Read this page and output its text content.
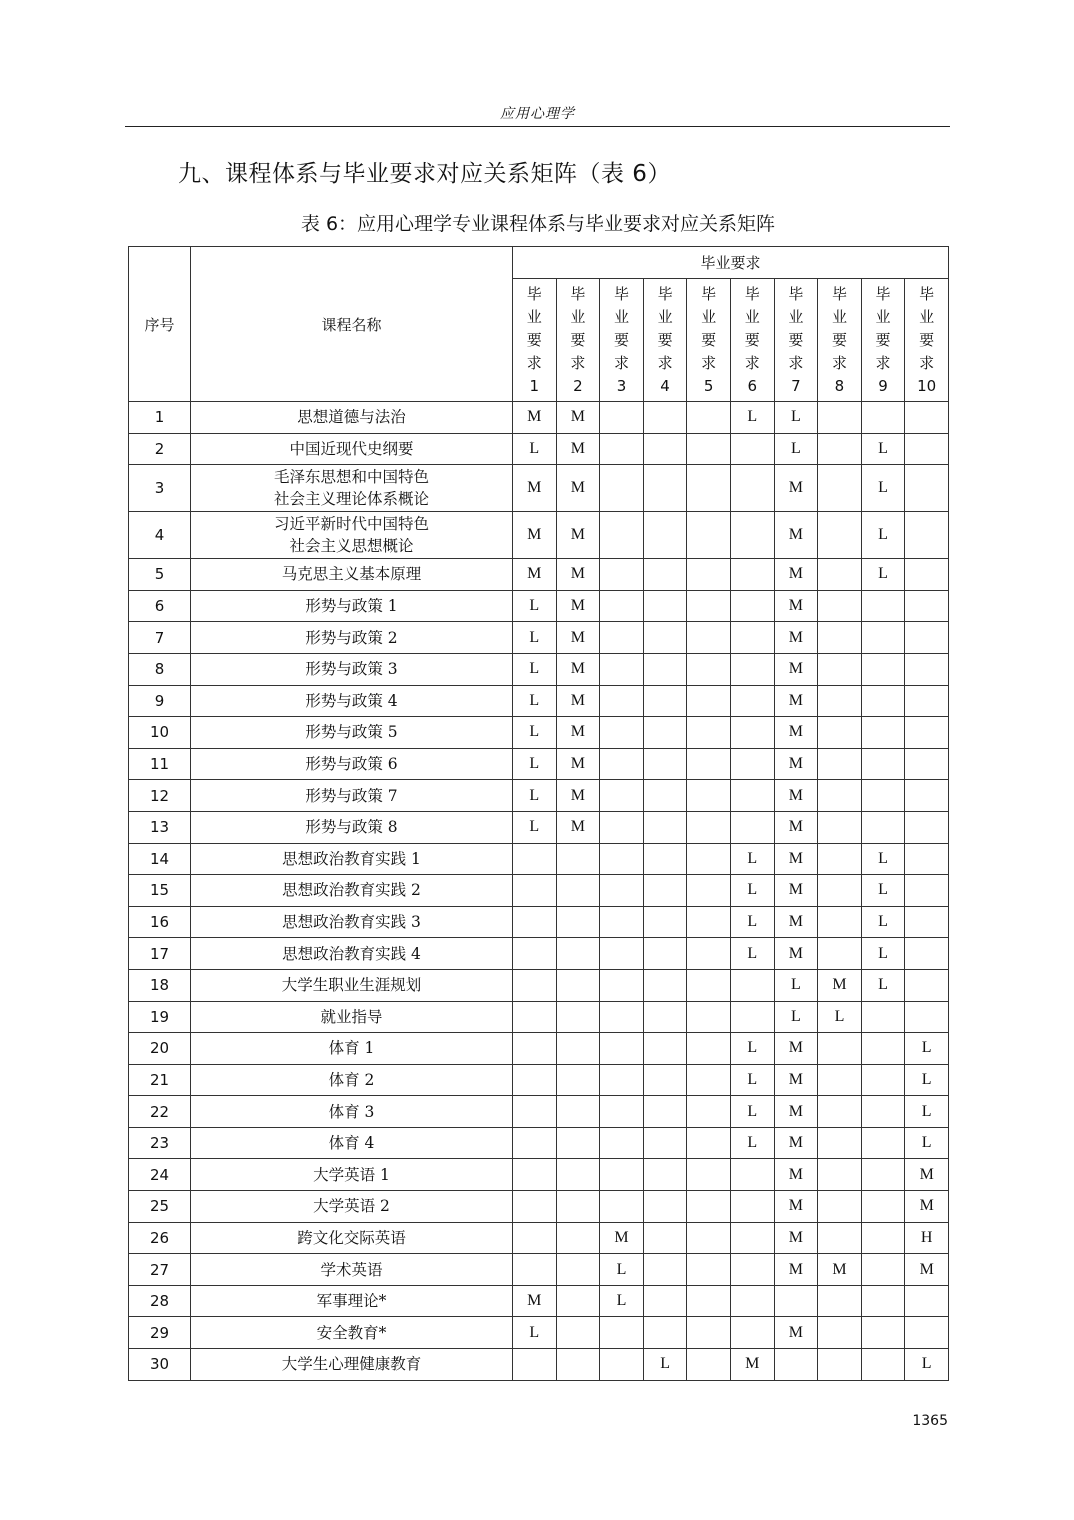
应用心理学
九、课程体系与毕业要求对应关系矩阵（表 6）
表 6：应用心理学专业课程体系与毕业要求对应关系矩阵
序号	课程名称	毕业要求									

		毕
业
要
求
1	毕
业
要
求
2	毕
业
要
求
3	毕
业
要
求
4	毕
业
要
求
5	毕
业
要
求
6	毕
业
要
求
7	毕
业
要
求
8	毕
业
要
求
9	毕
业
要
求
10

1	思想道德与法治	M	M				L	L			
2	中国近现代史纲要	L	M					L		L	
3	毛泽东思想和中国特色
社会主义理论体系概论	M	M					M		L	
4	习近平新时代中国特色
社会主义思想概论	M	M					M		L	
5	马克思主义基本原理	M	M					M		L	
6	形势与政策 1	L	M					M			
7	形势与政策 2	L	M					M			
8	形势与政策 3	L	M					M			
9	形势与政策 4	L	M					M			
10	形势与政策 5	L	M					M			
11	形势与政策 6	L	M					M			
12	形势与政策 7	L	M					M			
13	形势与政策 8	L	M					M			
14	思想政治教育实践 1						L	M		L	
15	思想政治教育实践 2						L	M		L	
16	思想政治教育实践 3						L	M		L	
17	思想政治教育实践 4						L	M		L	
18	大学生职业生涯规划							L	M	L	
19	就业指导							L	L		
20	体育 1						L	M			L
21	体育 2						L	M			L
22	体育 3						L	M			L
23	体育 4						L	M			L
24	大学英语 1							M			M
25	大学英语 2							M			M
26	跨文化交际英语			M				M			H
27	学术英语			L				M	M		M
28	军事理论*	M		L							
29	安全教育*	L						M			
30	大学生心理健康教育				L		M				L
1365
